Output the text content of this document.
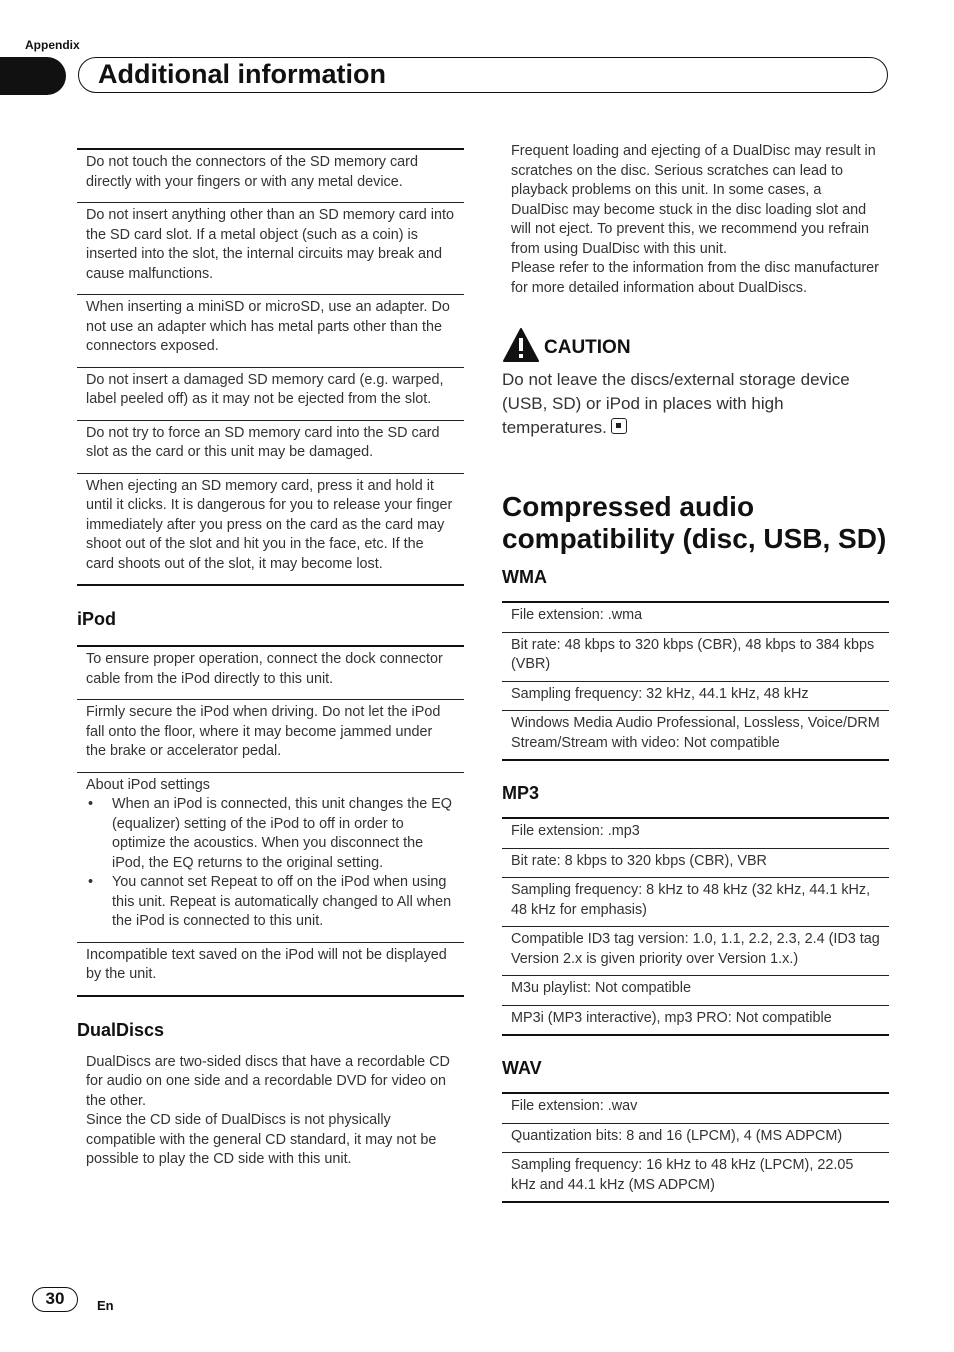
Appendix
Additional information
Do not touch the connectors of the SD memory card directly with your fingers or with any metal device.
Do not insert anything other than an SD memory card into the SD card slot. If a metal object (such as a coin) is inserted into the slot, the internal circuits may break and cause malfunctions.
When inserting a miniSD or microSD, use an adapter. Do not use an adapter which has metal parts other than the connectors exposed.
Do not insert a damaged SD memory card (e.g. warped, label peeled off) as it may not be ejected from the slot.
Do not try to force an SD memory card into the SD card slot as the card or this unit may be damaged.
When ejecting an SD memory card, press it and hold it until it clicks. It is dangerous for you to release your finger immediately after you press on the card as the card may shoot out of the slot and hit you in the face, etc. If the card shoots out of the slot, it may become lost.
iPod
To ensure proper operation, connect the dock connector cable from the iPod directly to this unit.
Firmly secure the iPod when driving. Do not let the iPod fall onto the floor, where it may become jammed under the brake or accelerator pedal.
About iPod settings
• When an iPod is connected, this unit changes the EQ (equalizer) setting of the iPod to off in order to optimize the acoustics. When you disconnect the iPod, the EQ returns to the original setting.
• You cannot set Repeat to off on the iPod when using this unit. Repeat is automatically changed to All when the iPod is connected to this unit.
Incompatible text saved on the iPod will not be displayed by the unit.
DualDiscs
DualDiscs are two-sided discs that have a recordable CD for audio on one side and a recordable DVD for video on the other.
Since the CD side of DualDiscs is not physically compatible with the general CD standard, it may not be possible to play the CD side with this unit.
Frequent loading and ejecting of a DualDisc may result in scratches on the disc. Serious scratches can lead to playback problems on this unit. In some cases, a DualDisc may become stuck in the disc loading slot and will not eject. To prevent this, we recommend you refrain from using DualDisc with this unit.
Please refer to the information from the disc manufacturer for more detailed information about DualDiscs.
CAUTION
Do not leave the discs/external storage device (USB, SD) or iPod in places with high temperatures.
Compressed audio compatibility (disc, USB, SD)
WMA
File extension: .wma
Bit rate: 48 kbps to 320 kbps (CBR), 48 kbps to 384 kbps (VBR)
Sampling frequency: 32 kHz, 44.1 kHz, 48 kHz
Windows Media Audio Professional, Lossless, Voice/DRM Stream/Stream with video: Not compatible
MP3
File extension: .mp3
Bit rate: 8 kbps to 320 kbps (CBR), VBR
Sampling frequency: 8 kHz to 48 kHz (32 kHz, 44.1 kHz, 48 kHz for emphasis)
Compatible ID3 tag version: 1.0, 1.1, 2.2, 2.3, 2.4 (ID3 tag Version 2.x is given priority over Version 1.x.)
M3u playlist: Not compatible
MP3i (MP3 interactive), mp3 PRO: Not compatible
WAV
File extension: .wav
Quantization bits: 8 and 16 (LPCM), 4 (MS ADPCM)
Sampling frequency: 16 kHz to 48 kHz (LPCM), 22.05 kHz and 44.1 kHz (MS ADPCM)
30	En
